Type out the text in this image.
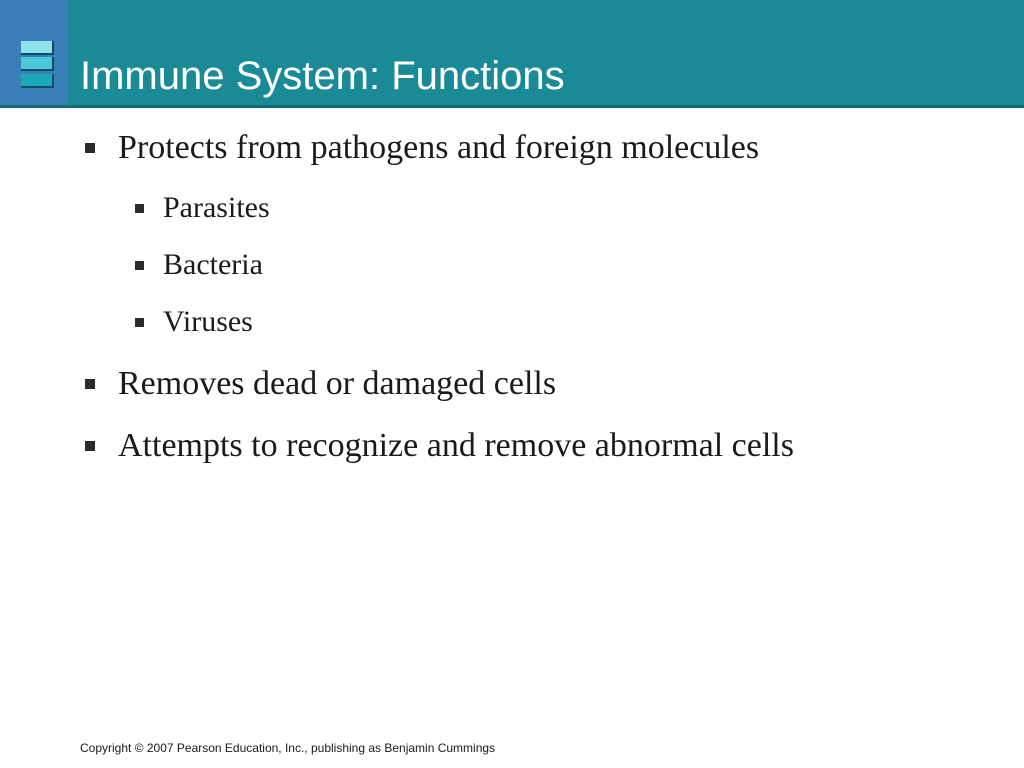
Immune System: Functions
Protects from pathogens and foreign molecules
Parasites
Bacteria
Viruses
Removes dead or damaged cells
Attempts to recognize and remove abnormal cells
Copyright © 2007 Pearson Education, Inc., publishing as Benjamin Cummings
